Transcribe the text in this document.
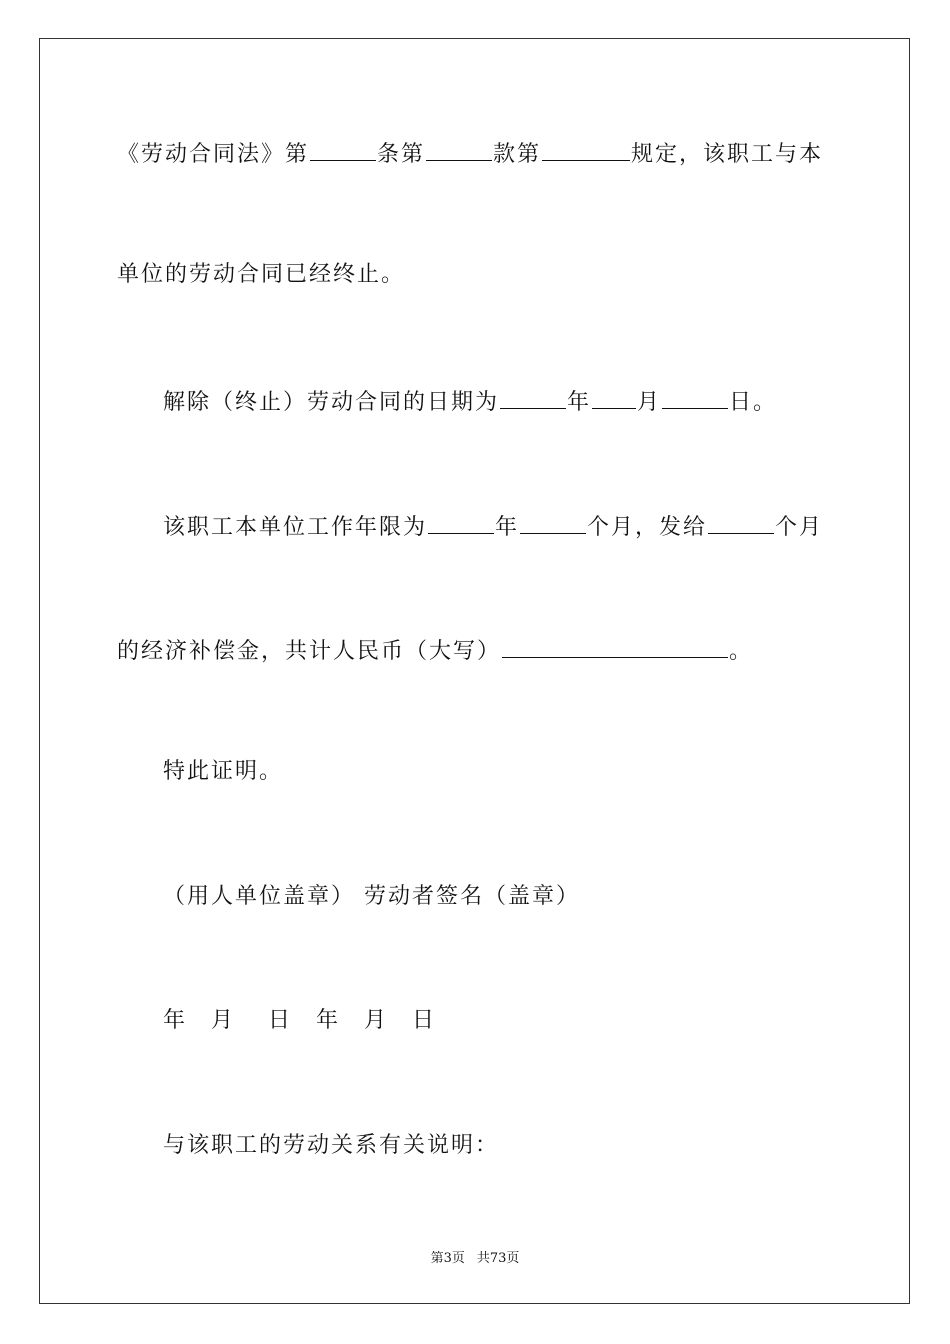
《劳动合同法》第	条第	款第	规定，该职工与本
单位的劳动合同已经终止。
解除（终止）劳动合同的日期为	年 月	日。
该职工本单位工作年限为	年	个月，发给	个月
的经济补偿金，共计人民币（大写）	。
特此证明。
（用人单位盖章） 劳动者签名（盖章）
年　月　 日　年　月　日
与该职工的劳动关系有关说明：
第3页 共73页
